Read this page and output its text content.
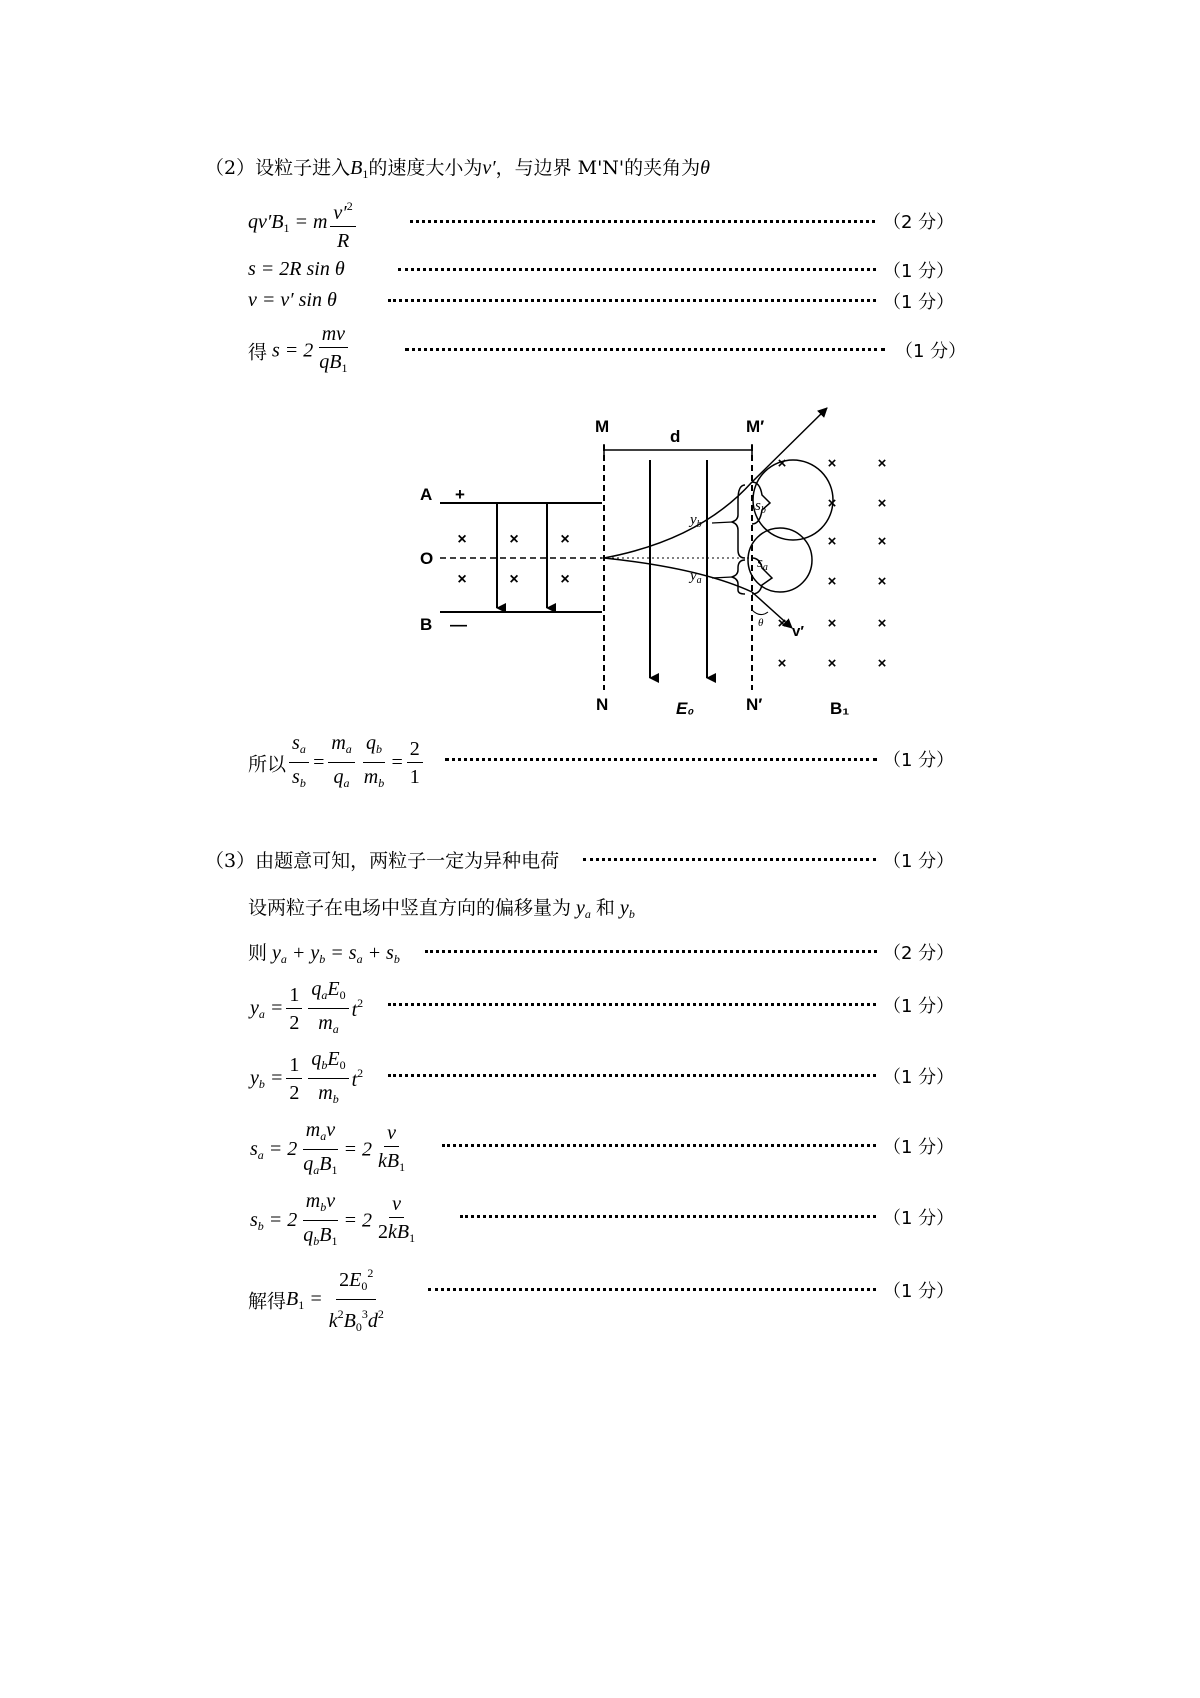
（2）设粒子进入$B_1$的速度大小为v′，与边界 M'N'的夹角为θ
$qv'B_1 = m \frac{v'^2}{R}$	（2 分）
s = 2R sin θ	（1 分）
v = v′ sin θ	（1 分）
得 $s = 2 \frac{mv}{qB_1}$	（1 分）
×	×	×
×	×	×
×	×	×
×	×
×	×
×	×
×	×	×
×	×	×
M
d
M′
A +
O
B —
N	E₀	N′	B₁
$s_b$
$s_a$
$y_b$
$y_a$
θ v′
所以 $\frac{s_a}{s_b} = \frac{m_a}{q_a} \frac{q_b}{m_b} = \frac{2}{1}$	（1 分）
（3）由题意可知，两粒子一定为异种电荷	（1 分）
设两粒子在电场中竖直方向的偏移量为 $y_a$ 和 $y_b$
则 $y_a + y_b = s_a + s_b$	（2 分）
$y_a = \frac{1}{2} \frac{q_aE_0}{m_a} t^2$	（1 分）
$y_b = \frac{1}{2} \frac{q_bE_0}{m_b} t^2$	（1 分）
$s_a = 2 \frac{m_av}{q_aB_1} = 2 \frac{v}{kB_1}$	（1 分）
$s_b = 2 \frac{m_bv}{q_bB_1} = 2 \frac{v}{2kB_1}$	（1 分）
解得$B_1 = \frac{2E_0^2}{k^2B_0^3d^2}$	（1 分）
